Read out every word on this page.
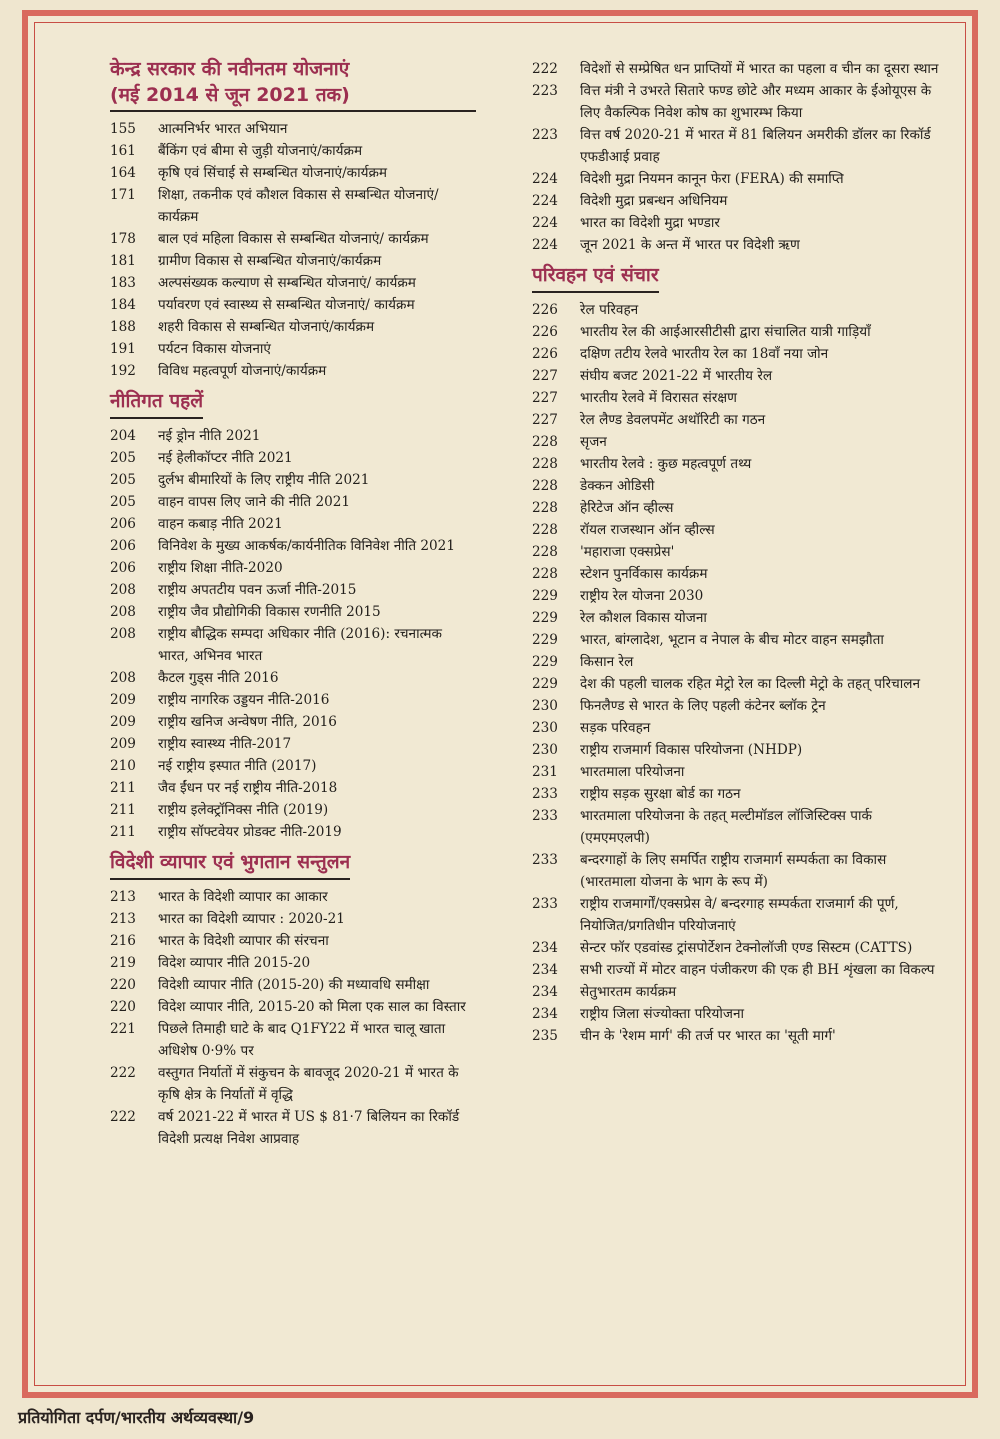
केन्द्र सरकार की नवीनतम योजनाएं

(मई 2014 से जून 2021 तक)

155	आत्मनिर्भर भारत अभियान
161	बैंकिंग एवं बीमा से जुड़ी योजनाएं/कार्यक्रम
164	कृषि एवं सिंचाई से सम्बन्धित योजनाएं/कार्यक्रम
171	शिक्षा, तकनीक एवं कौशल विकास से सम्बन्धित योजनाएं/कार्यक्रम
178	बाल एवं महिला विकास से सम्बन्धित योजनाएं/ कार्यक्रम
181	ग्रामीण विकास से सम्बन्धित योजनाएं/कार्यक्रम
183	अल्पसंख्यक कल्याण से सम्बन्धित योजनाएं/ कार्यक्रम
184	पर्यावरण एवं स्वास्थ्य से सम्बन्धित योजनाएं/ कार्यक्रम
188	शहरी विकास से सम्बन्धित योजनाएं/कार्यक्रम
191	पर्यटन विकास योजनाएं
192	विविध महत्वपूर्ण योजनाएं/कार्यक्रम
नीतिगत पहलें
204	नई ड्रोन नीति 2021
205	नई हेलीकॉप्टर नीति 2021
205	दुर्लभ बीमारियों के लिए राष्ट्रीय नीति 2021
205	वाहन वापस लिए जाने की नीति 2021
206	वाहन कबाड़ नीति 2021
206	विनिवेश के मुख्य आकर्षक/कार्यनीतिक विनिवेश नीति 2021
206	राष्ट्रीय शिक्षा नीति-2020
208	राष्ट्रीय अपतटीय पवन ऊर्जा नीति-2015
208	राष्ट्रीय जैव प्रौद्योगिकी विकास रणनीति 2015
208	राष्ट्रीय बौद्धिक सम्पदा अधिकार नीति (2016): रचनात्मक भारत, अभिनव भारत
208	कैटल गुड्स नीति 2016
209	राष्ट्रीय नागरिक उड्डयन नीति-2016
209	राष्ट्रीय खनिज अन्वेषण नीति, 2016
209	राष्ट्रीय स्वास्थ्य नीति-2017
210	नई राष्ट्रीय इस्पात नीति (2017)
211	जैव ईंधन पर नई राष्ट्रीय नीति-2018
211	राष्ट्रीय इलेक्ट्रॉनिक्स नीति (2019)
211	राष्ट्रीय सॉफ्टवेयर प्रोडक्ट नीति-2019
विदेशी व्यापार एवं भुगतान सन्तुलन
213	भारत के विदेशी व्यापार का आकार
213	भारत का विदेशी व्यापार : 2020-21
216	भारत के विदेशी व्यापार की संरचना
219	विदेश व्यापार नीति 2015-20
220	विदेशी व्यापार नीति (2015-20) की मध्यावधि समीक्षा
220	विदेश व्यापार नीति, 2015-20 को मिला एक साल का विस्तार
221	पिछले तिमाही घाटे के बाद Q1FY22 में भारत चालू खाता अधिशेष 0·9% पर
222	वस्तुगत निर्यातों में संकुचन के बावजूद 2020-21 में भारत के कृषि क्षेत्र के निर्यातों में वृद्धि
222	वर्ष 2021-22 में भारत में US $ 81·7 बिलियन का रिकॉर्ड विदेशी प्रत्यक्ष निवेश आप्रवाह
222	विदेशों से सम्प्रेषित धन प्राप्तियों में भारत का पहला व चीन का दूसरा स्थान
223	वित्त मंत्री ने उभरते सितारे फण्ड छोटे और मध्यम आकार के ईओयूएस के लिए वैकल्पिक निवेश कोष का शुभारम्भ किया
223	वित्त वर्ष 2020-21 में भारत में 81 बिलियन अमरीकी डॉलर का रिकॉर्ड एफडीआई प्रवाह
224	विदेशी मुद्रा नियमन कानून फेरा (FERA) की समाप्ति
224	विदेशी मुद्रा प्रबन्धन अधिनियम
224	भारत का विदेशी मुद्रा भण्डार
224	जून 2021 के अन्त में भारत पर विदेशी ऋण
परिवहन एवं संचार
226	रेल परिवहन
226	भारतीय रेल की आईआरसीटीसी द्वारा संचालित यात्री गाड़ियाँ
226	दक्षिण तटीय रेलवे भारतीय रेल का 18वाँ नया जोन
227	संघीय बजट 2021-22 में भारतीय रेल
227	भारतीय रेलवे में विरासत संरक्षण
227	रेल लैण्ड डेवलपमेंट अथॉरिटी का गठन
228	सृजन
228	भारतीय रेलवे : कुछ महत्वपूर्ण तथ्य
228	डेक्कन ओडिसी
228	हेरिटेज ऑन व्हील्स
228	रॉयल राजस्थान ऑन व्हील्स
228	'महाराजा एक्सप्रेस'
228	स्टेशन पुनर्विकास कार्यक्रम
229	राष्ट्रीय रेल योजना 2030
229	रेल कौशल विकास योजना
229	भारत, बांग्लादेश, भूटान व नेपाल के बीच मोटर वाहन समझौता
229	किसान रेल
229	देश की पहली चालक रहित मेट्रो रेल का दिल्ली मेट्रो के तहत् परिचालन
230	फिनलैण्ड से भारत के लिए पहली कंटेनर ब्लॉक ट्रेन
230	सड़क परिवहन
230	राष्ट्रीय राजमार्ग विकास परियोजना (NHDP)
231	भारतमाला परियोजना
233	राष्ट्रीय सड़क सुरक्षा बोर्ड का गठन
233	भारतमाला परियोजना के तहत् मल्टीमॉडल लॉजिस्टिक्स पार्क (एमएमएलपी)
233	बन्दरगाहों के लिए समर्पित राष्ट्रीय राजमार्ग सम्पर्कता का विकास (भारतमाला योजना के भाग के रूप में)
233	राष्ट्रीय राजमार्गों/एक्सप्रेस वे/ बन्दरगाह सम्पर्कता राजमार्ग की पूर्ण, नियोजित/प्रगतिधीन परियोजनाएं
234	सेन्टर फॉर एडवांस्ड ट्रांसपोर्टेशन टेक्नोलॉजी एण्ड सिस्टम (CATTS)
234	सभी राज्यों में मोटर वाहन पंजीकरण की एक ही BH शृंखला का विकल्प
234	सेतुभारतम कार्यक्रम
234	राष्ट्रीय जिला संज्योक्ता परियोजना
235	चीन के 'रेशम मार्ग' की तर्ज पर भारत का 'सूती मार्ग'
प्रतियोगिता दर्पण/भारतीय अर्थव्यवस्था/9
